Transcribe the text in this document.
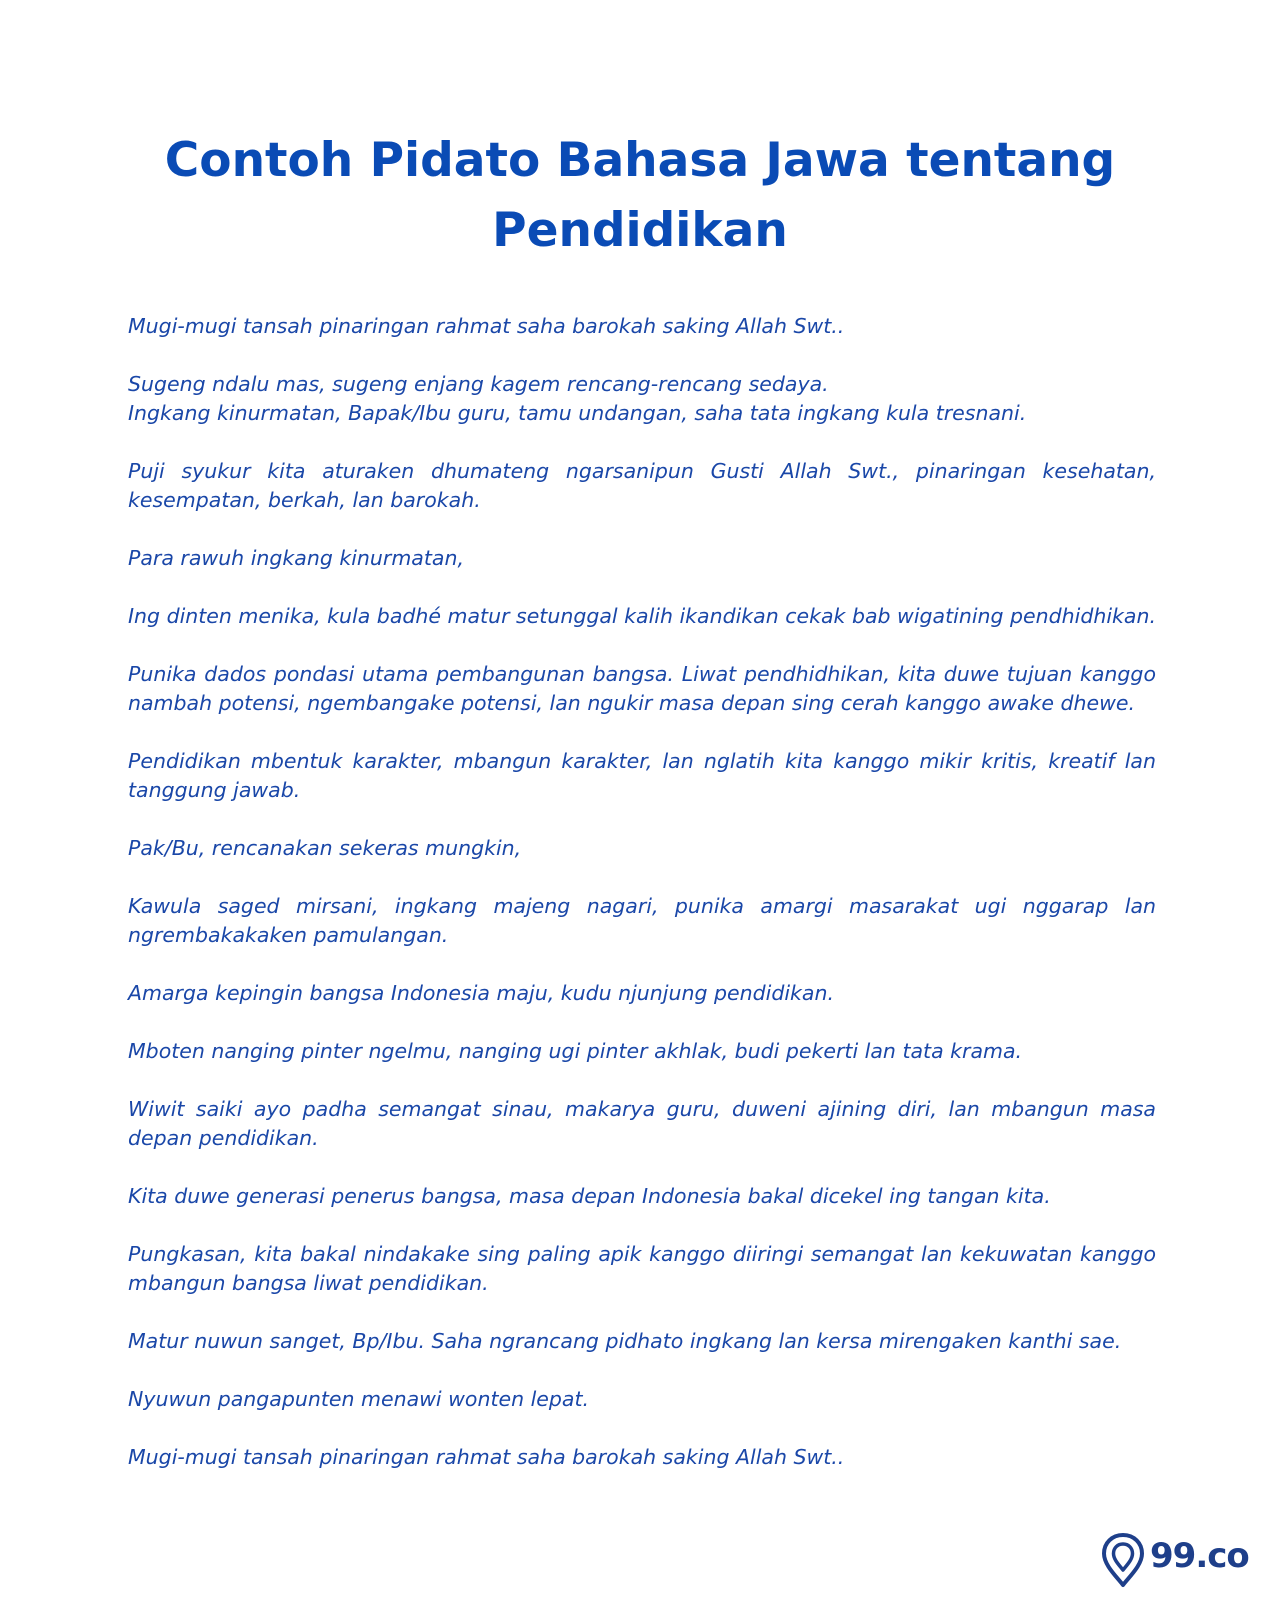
Contoh Pidato Bahasa Jawa tentang
Pendidikan

Mugi-mugi tansah pinaringan rahmat saha barokah saking Allah Swt..

Sugeng ndalu mas, sugeng enjang kagem rencang-rencang sedaya.
Ingkang kinurmatan, Bapak/Ibu guru, tamu undangan, saha tata ingkang kula tresnani.

Puji syukur kita aturaken dhumateng ngarsanipun Gusti Allah Swt., pinaringan kesehatan, kesempatan, berkah, lan barokah.

Para rawuh ingkang kinurmatan,

Ing dinten menika, kula badhé matur setunggal kalih ikandikan cekak bab wigatining pendhidhikan.

Punika dados pondasi utama pembangunan bangsa. Liwat pendhidhikan, kita duwe tujuan kanggo nambah potensi, ngembangake potensi, lan ngukir masa depan sing cerah kanggo awake dhewe.

Pendidikan mbentuk karakter, mbangun karakter, lan nglatih kita kanggo mikir kritis, kreatif lan tanggung jawab.

Pak/Bu, rencanakan sekeras mungkin,

Kawula saged mirsani, ingkang majeng nagari, punika amargi masarakat ugi nggarap lan ngrembakakaken pamulangan.

Amarga kepingin bangsa Indonesia maju, kudu njunjung pendidikan.

Mboten nanging pinter ngelmu, nanging ugi pinter akhlak, budi pekerti lan tata krama.

Wiwit saiki ayo padha semangat sinau, makarya guru, duweni ajining diri, lan mbangun masa depan pendidikan.

Kita duwe generasi penerus bangsa, masa depan Indonesia bakal dicekel ing tangan kita.

Pungkasan, kita bakal nindakake sing paling apik kanggo diiringi semangat lan kekuwatan kanggo mbangun bangsa liwat pendidikan.

Matur nuwun sanget, Bp/Ibu. Saha ngrancang pidhato ingkang lan kersa mirengaken kanthi sae.

Nyuwun pangapunten menawi wonten lepat.

Mugi-mugi tansah pinaringan rahmat saha barokah saking Allah Swt..

99.co
